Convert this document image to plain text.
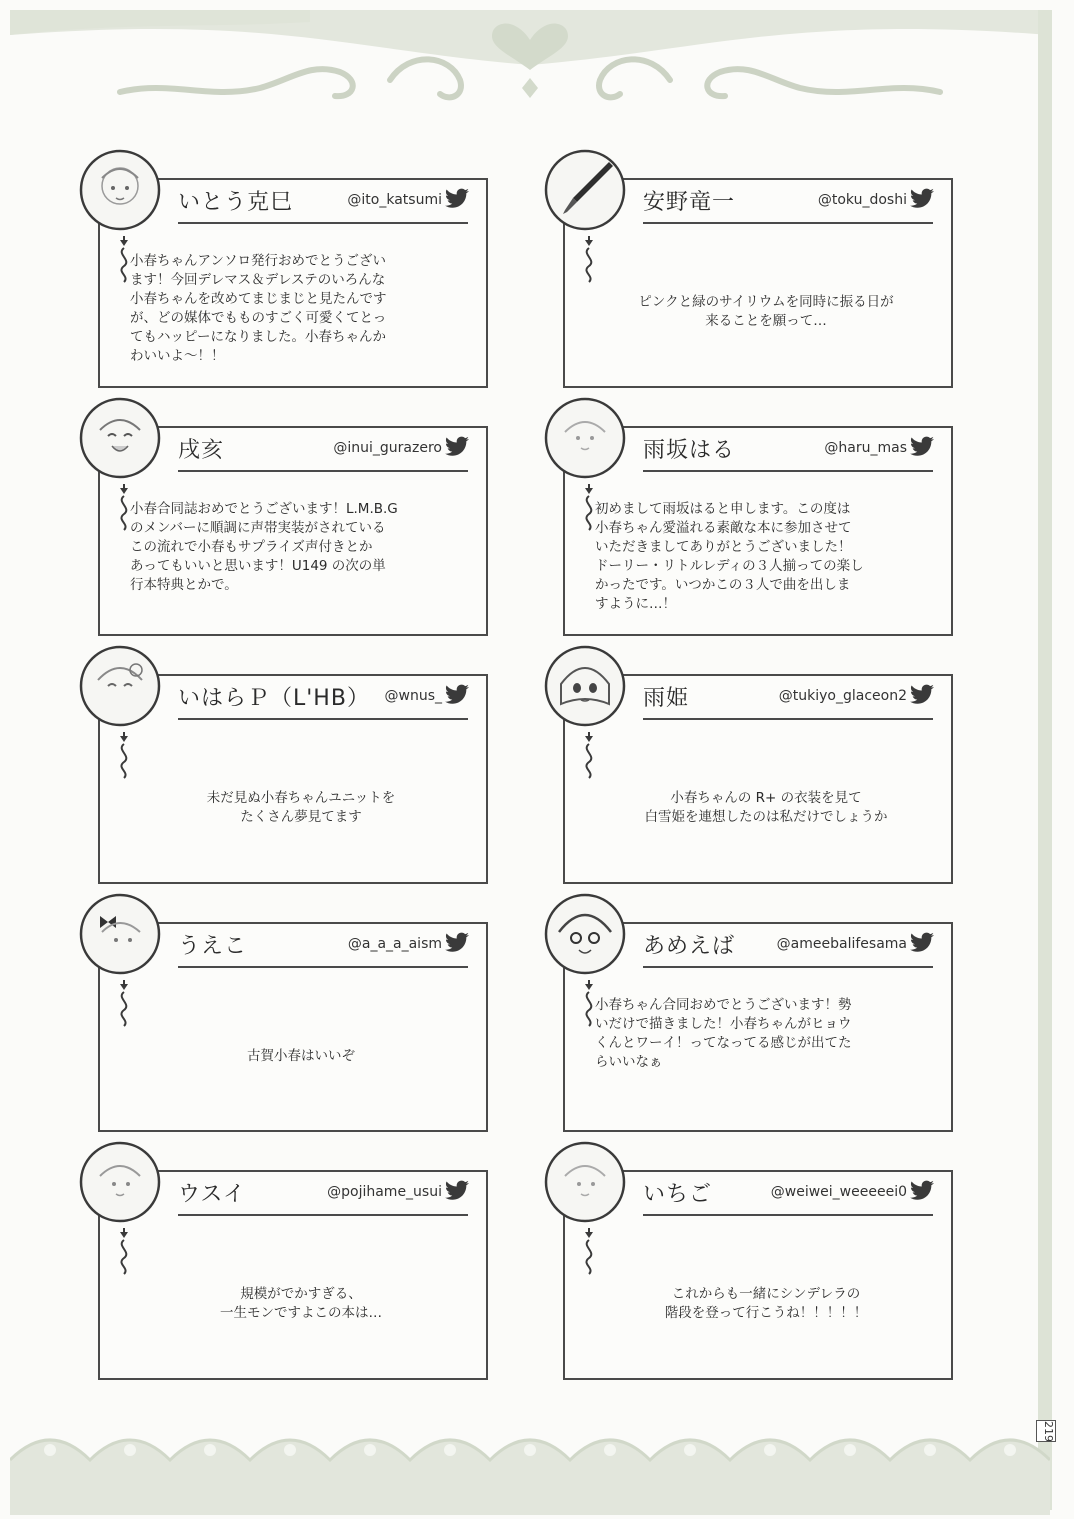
219
いとう克巳	@ito_katsumi
小春ちゃんアンソロ発行おめでとうござい
ます！今回デレマス＆デレステのいろんな
小春ちゃんを改めてまじまじと見たんです
が、どの媒体でもものすごく可愛くてとっ
てもハッピーになりました。小春ちゃんか
わいいよ〜！！
安野竜一	@toku_doshi
ピンクと緑のサイリウムを同時に振る日が
来ることを願って…
戌亥	@inui_gurazero
小春合同誌おめでとうございます！L.M.B.G
のメンバーに順調に声帯実装がされている
この流れで小春もサプライズ声付きとか
あってもいいと思います！U149 の次の単
行本特典とかで。
雨坂はる	@haru_mas
初めまして雨坂はると申します。この度は
小春ちゃん愛溢れる素敵な本に参加させて
いただきましてありがとうございました！
ドーリー・リトルレディの３人揃っての楽し
かったです。いつかこの３人で曲を出しま
すように…！
いはらＰ（L'HB） @wnus_
未だ見ぬ小春ちゃんユニットを
たくさん夢見てます
雨姫	@tukiyo_glaceon2
小春ちゃんの R+ の衣装を見て
白雪姫を連想したのは私だけでしょうか
うえこ	@a_a_a_aism
古賀小春はいいぞ
あめえば	@ameebalifesama
小春ちゃん合同おめでとうございます！勢
いだけで描きました！小春ちゃんがヒョウ
くんとワーイ！ってなってる感じが出てた
らいいなぁ
ウスイ	@pojihame_usui
規模がでかすぎる、
一生モンですよこの本は…
いちご	@weiwei_weeeeei0
これからも一緒にシンデレラの
階段を登って行こうね！！！！！
